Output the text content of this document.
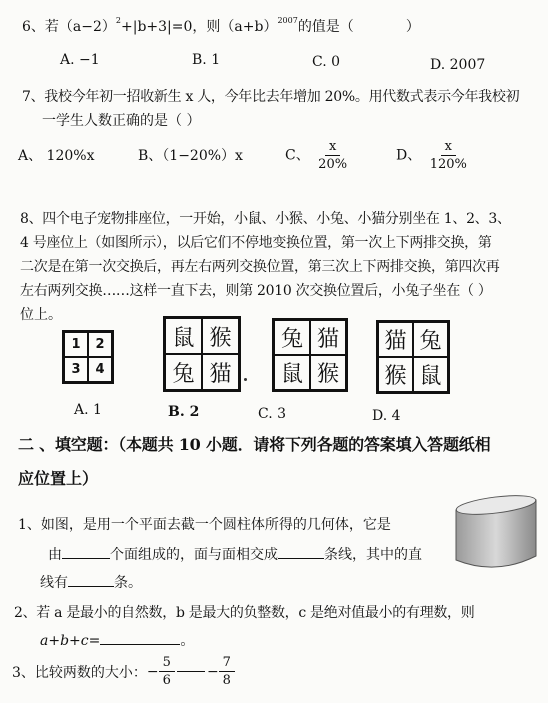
6、若$(a-2)^2+|b+3|=0$，则$(a+b)^{2007}$的值是（	）
A. −1	B. 1	C. 0	D. 2007
7、我校今年初一招收新生 x 人，今年比去年增加 20%。用代数式表示今年我校初
一学生人数正确的是（ ）
A、 120%x	B、（1−20%）x	C、 $\frac{x}{20\%}$	D、 $\frac{x}{120\%}$
8、四个电子宠物排座位，一开始，小鼠、小猴、小兔、小猫分别坐在 1、2、3、
4 号座位上（如图所示），以后它们不停地变换位置，第一次上下两排交换，第
二次是在第一次交换后，再左右两列交换位置，第三次上下两排交换，第四次再
左右两列交换……这样一直下去，则第 2010 次交换位置后，小兔子坐在（ ）
位上。
1	2
3	4
鼠 猴
兔 猫
兔 猫
鼠 猴
猫 兔
猴 鼠
A. 1	B. 2	C. 3	D. 4
二 、填空题：（本题共 10 小题．请将下列各题的答案填入答题纸相
应位置上）
1、如图，是用一个平面去截一个圆柱体所得的几何体，它是
由	个面组成的，面与面相交成	条线，其中的直
线有	条。
2、若 a 是最小的自然数，b 是最大的负整数，c 是绝对值最小的有理数，则
a+b+c=	。
3、比较两数的大小： − $\frac{5}{6} - \frac{7}{8}$
